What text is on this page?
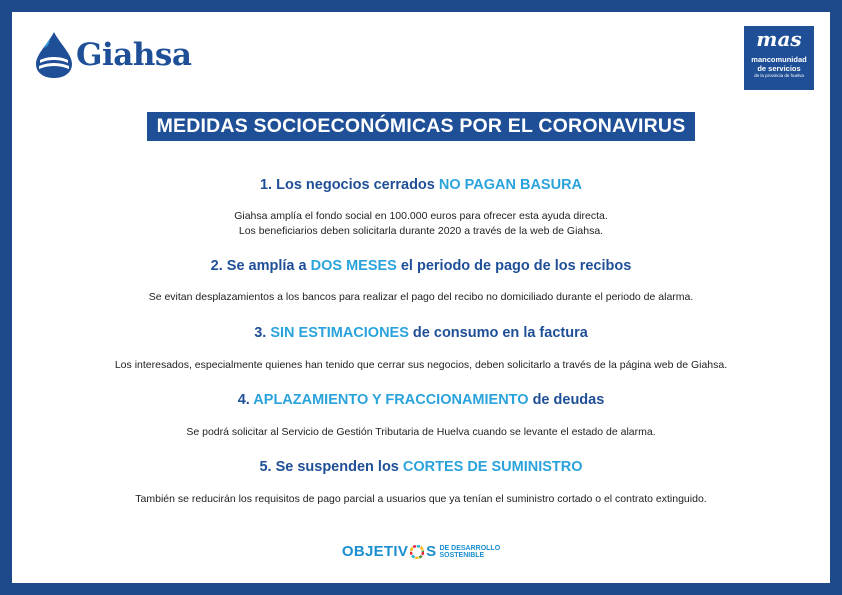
Giahsa	mas
mancomunidad
de servicios
de la provincia de huelva
MEDIDAS SOCIOECONÓMICAS POR EL CORONAVIRUS
1. Los negocios cerrados NO PAGAN BASURA
Giahsa amplía el fondo social en 100.000 euros para ofrecer esta ayuda directa.
Los beneficiarios deben solicitarla durante 2020 a través de la web de Giahsa.
2. Se amplía a DOS MESES el periodo de pago de los recibos
Se evitan desplazamientos a los bancos para realizar el pago del recibo no domiciliado durante el periodo de alarma.
3. SIN ESTIMACIONES de consumo en la factura
Los interesados, especialmente quienes han tenido que cerrar sus negocios, deben solicitarlo a través de la página web de Giahsa.
4. APLAZAMIENTO Y FRACCIONAMIENTO de deudas
Se podrá solicitar al Servicio de Gestión Tributaria de Huelva cuando se levante el estado de alarma.
5. Se suspenden los CORTES DE SUMINISTRO
También se reducirán los requisitos de pago parcial a usuarios que ya tenían el suministro cortado o el contrato extinguido.
OBJETIV S DE DESARROLLO
SOSTENIBLE
